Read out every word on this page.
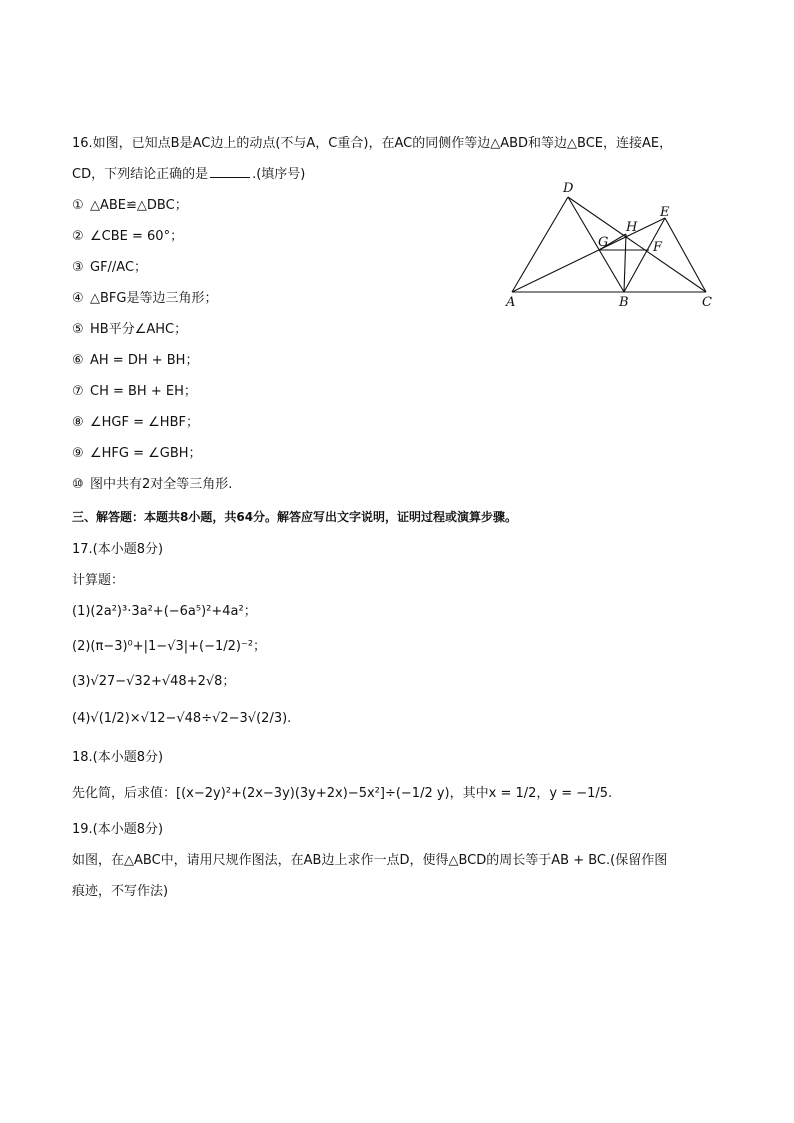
16.如图，已知点B是AC边上的动点(不与A，C重合)，在AC的同侧作等边△ABD和等边△BCE，连接AE，
CD，下列结论正确的是	.(填序号)
① △ABE≌△DBC；
② ∠CBE = 60°；
③ GF//AC；
④ △BFG是等边三角形；
⑤ HB平分∠AHC；
⑥ AH = DH + BH；
⑦ CH = BH + EH；
⑧ ∠HGF = ∠HBF；
⑨ ∠HFG = ∠GBH；
⑩ 图中共有2对全等三角形.
D
E
H
G	F
A	B	C
三、解答题：本题共8小题，共64分。解答应写出文字说明，证明过程或演算步骤。
17.(本小题8分)
计算题：
(1)(2a²)³·3a²+(−6a⁵)²+4a²；
(2)(π−3)⁰+|1−√3|+(−1/2)⁻²；
(3)√27−√32+√48+2√8；
(4)√(1/2)×√12−√48÷√2−3√(2/3).
18.(本小题8分)
先化简，后求值：[(x−2y)²+(2x−3y)(3y+2x)−5x²]÷(−1/2 y)，其中x = 1/2，y = −1/5.
19.(本小题8分)
如图，在△ABC中，请用尺规作图法，在AB边上求作一点D，使得△BCD的周长等于AB + BC.(保留作图
痕迹，不写作法)
